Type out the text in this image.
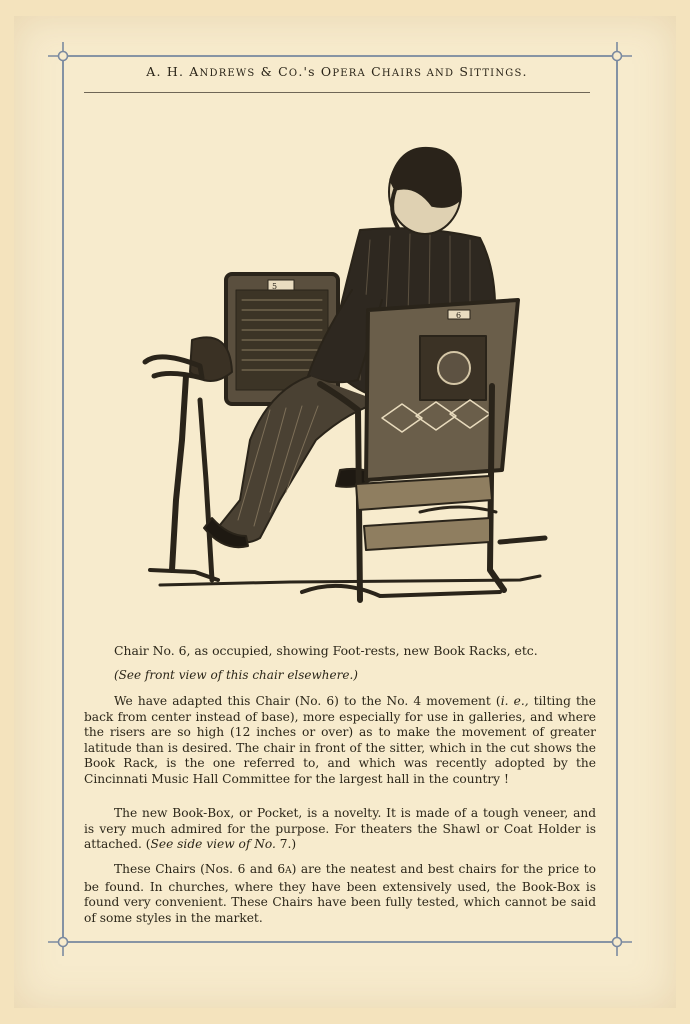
A. H. ANDREWS & CO.'s OPERA CHAIRS AND SITTINGS.
5
6
Chair No. 6, as occupied, showing Foot-rests, new Book Racks, etc.
(See front view of this chair elsewhere.)

We have adapted this Chair (No. 6) to the No. 4 movement (i. e., tilting the back from center instead of base), more especially for use in galleries, and where the risers are so high (12 inches or over) as to make the movement of greater latitude than is desired. The chair in front of the sitter, which in the cut shows the Book Rack, is the one referred to, and which was recently adopted by the Cincinnati Music Hall Committee for the largest hall in the country !

The new Book-Box, or Pocket, is a novelty. It is made of a tough veneer, and is very much admired for the purpose. For theaters the Shawl or Coat Holder is attached. (See side view of No. 7.)

These Chairs (Nos. 6 and 6A) are the neatest and best chairs for the price to be found. In churches, where they have been extensively used, the Book-Box is found very convenient. These Chairs have been fully tested, which cannot be said of some styles in the market.
